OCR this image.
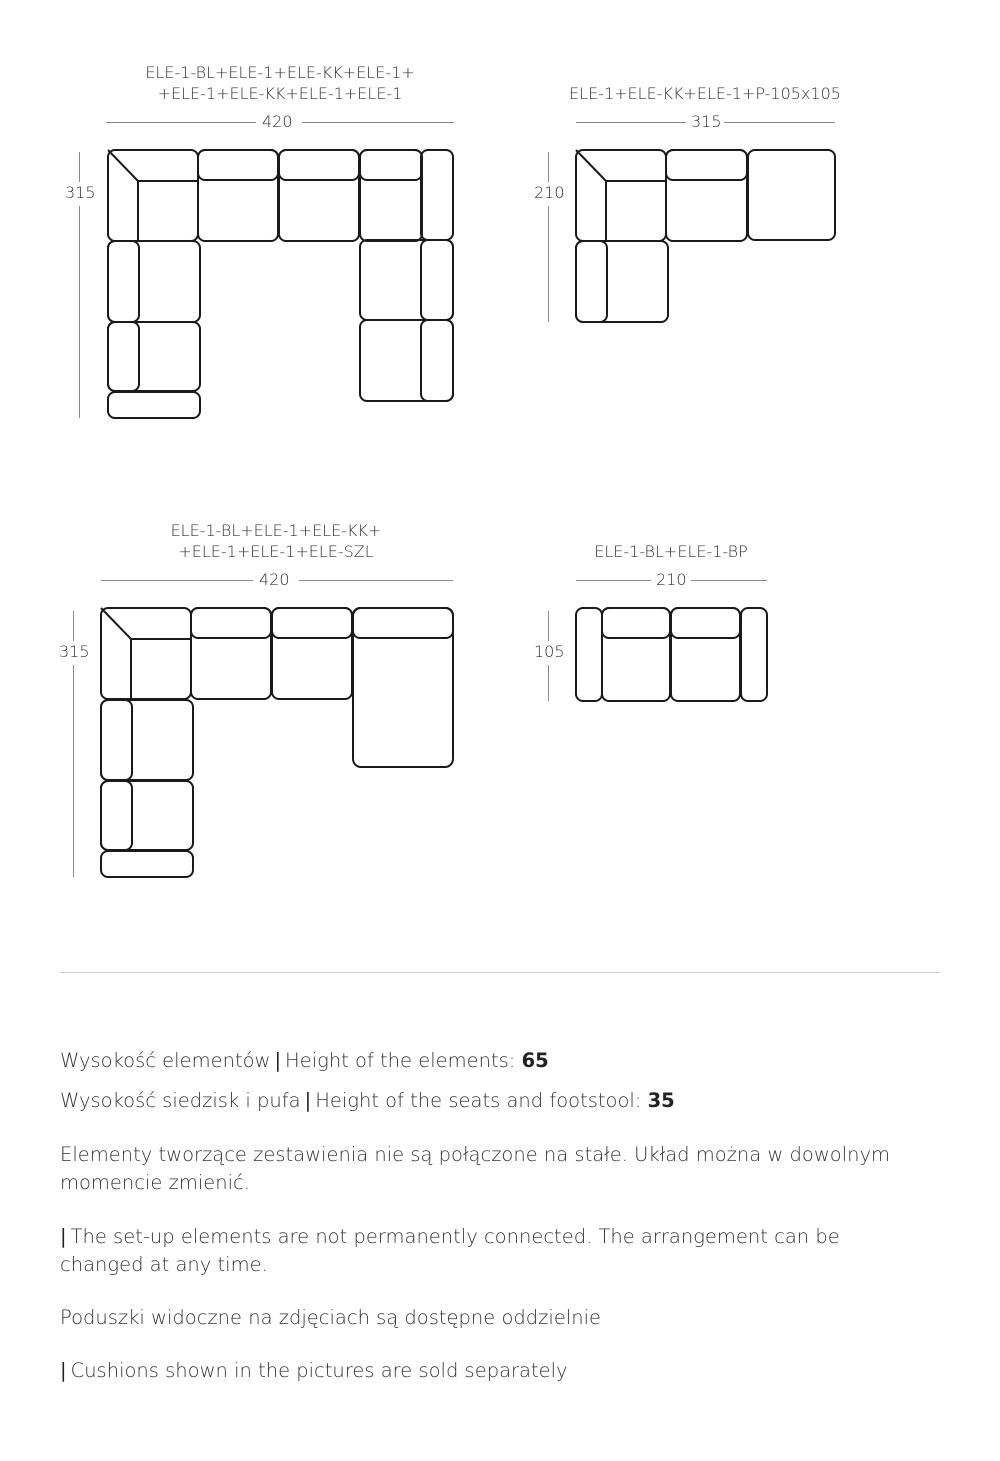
ELE-1-BL+ELE-1+ELE-KK+ELE-1+
+ELE-1+ELE-KK+ELE-1+ELE-1
420
315
ELE-1+ELE-KK+ELE-1+P-105x105
315
210
ELE-1-BL+ELE-1+ELE-KK+
+ELE-1+ELE-1+ELE-SZL
420
315
ELE-1-BL+ELE-1-BP
210
105
Wysokość elementów | Height of the elements: 65
Wysokość siedzisk i pufa | Height of the seats and footstool: 35
Elementy tworzące zestawienia nie są połączone na stałe. Układ można w dowolnym momencie zmienić.
| The set-up elements are not permanently connected. The arrangement can be changed at any time.
Poduszki widoczne na zdjęciach są dostępne oddzielnie
| Cushions shown in the pictures are sold separately
